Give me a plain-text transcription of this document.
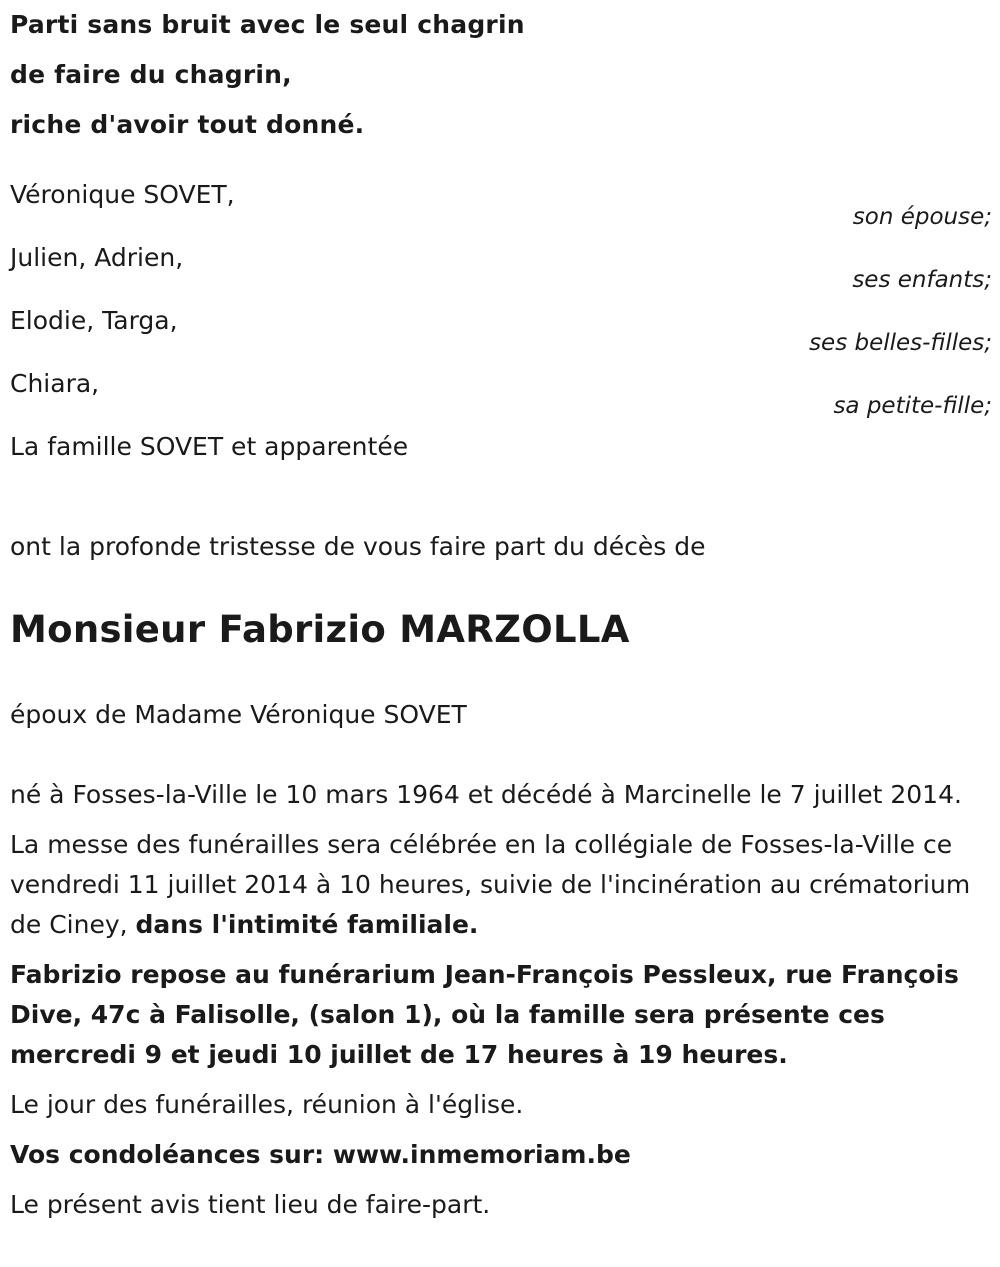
Parti sans bruit avec le seul chagrin
de faire du chagrin,
riche d'avoir tout donné.
Véronique SOVET,
son épouse;
Julien, Adrien,
ses enfants;
Elodie, Targa,
ses belles-filles;
Chiara,
sa petite-fille;
La famille SOVET et apparentée

ont la profonde tristesse de vous faire part du décès de

Monsieur Fabrizio MARZOLLA

époux de Madame Véronique SOVET

né à Fosses-la-Ville le 10 mars 1964 et décédé à Marcinelle le 7 juillet 2014.

La messe des funérailles sera célébrée en la collégiale de Fosses-la-Ville ce vendredi 11 juillet 2014 à 10 heures, suivie de l'incinération au crématorium de Ciney, dans l'intimité familiale.

Fabrizio repose au funérarium Jean-François Pessleux, rue François Dive, 47c à Falisolle, (salon 1), où la famille sera présente ces mercredi 9 et jeudi 10 juillet de 17 heures à 19 heures.

Le jour des funérailles, réunion à l'église.

Vos condoléances sur: www.inmemoriam.be

Le présent avis tient lieu de faire-part.
